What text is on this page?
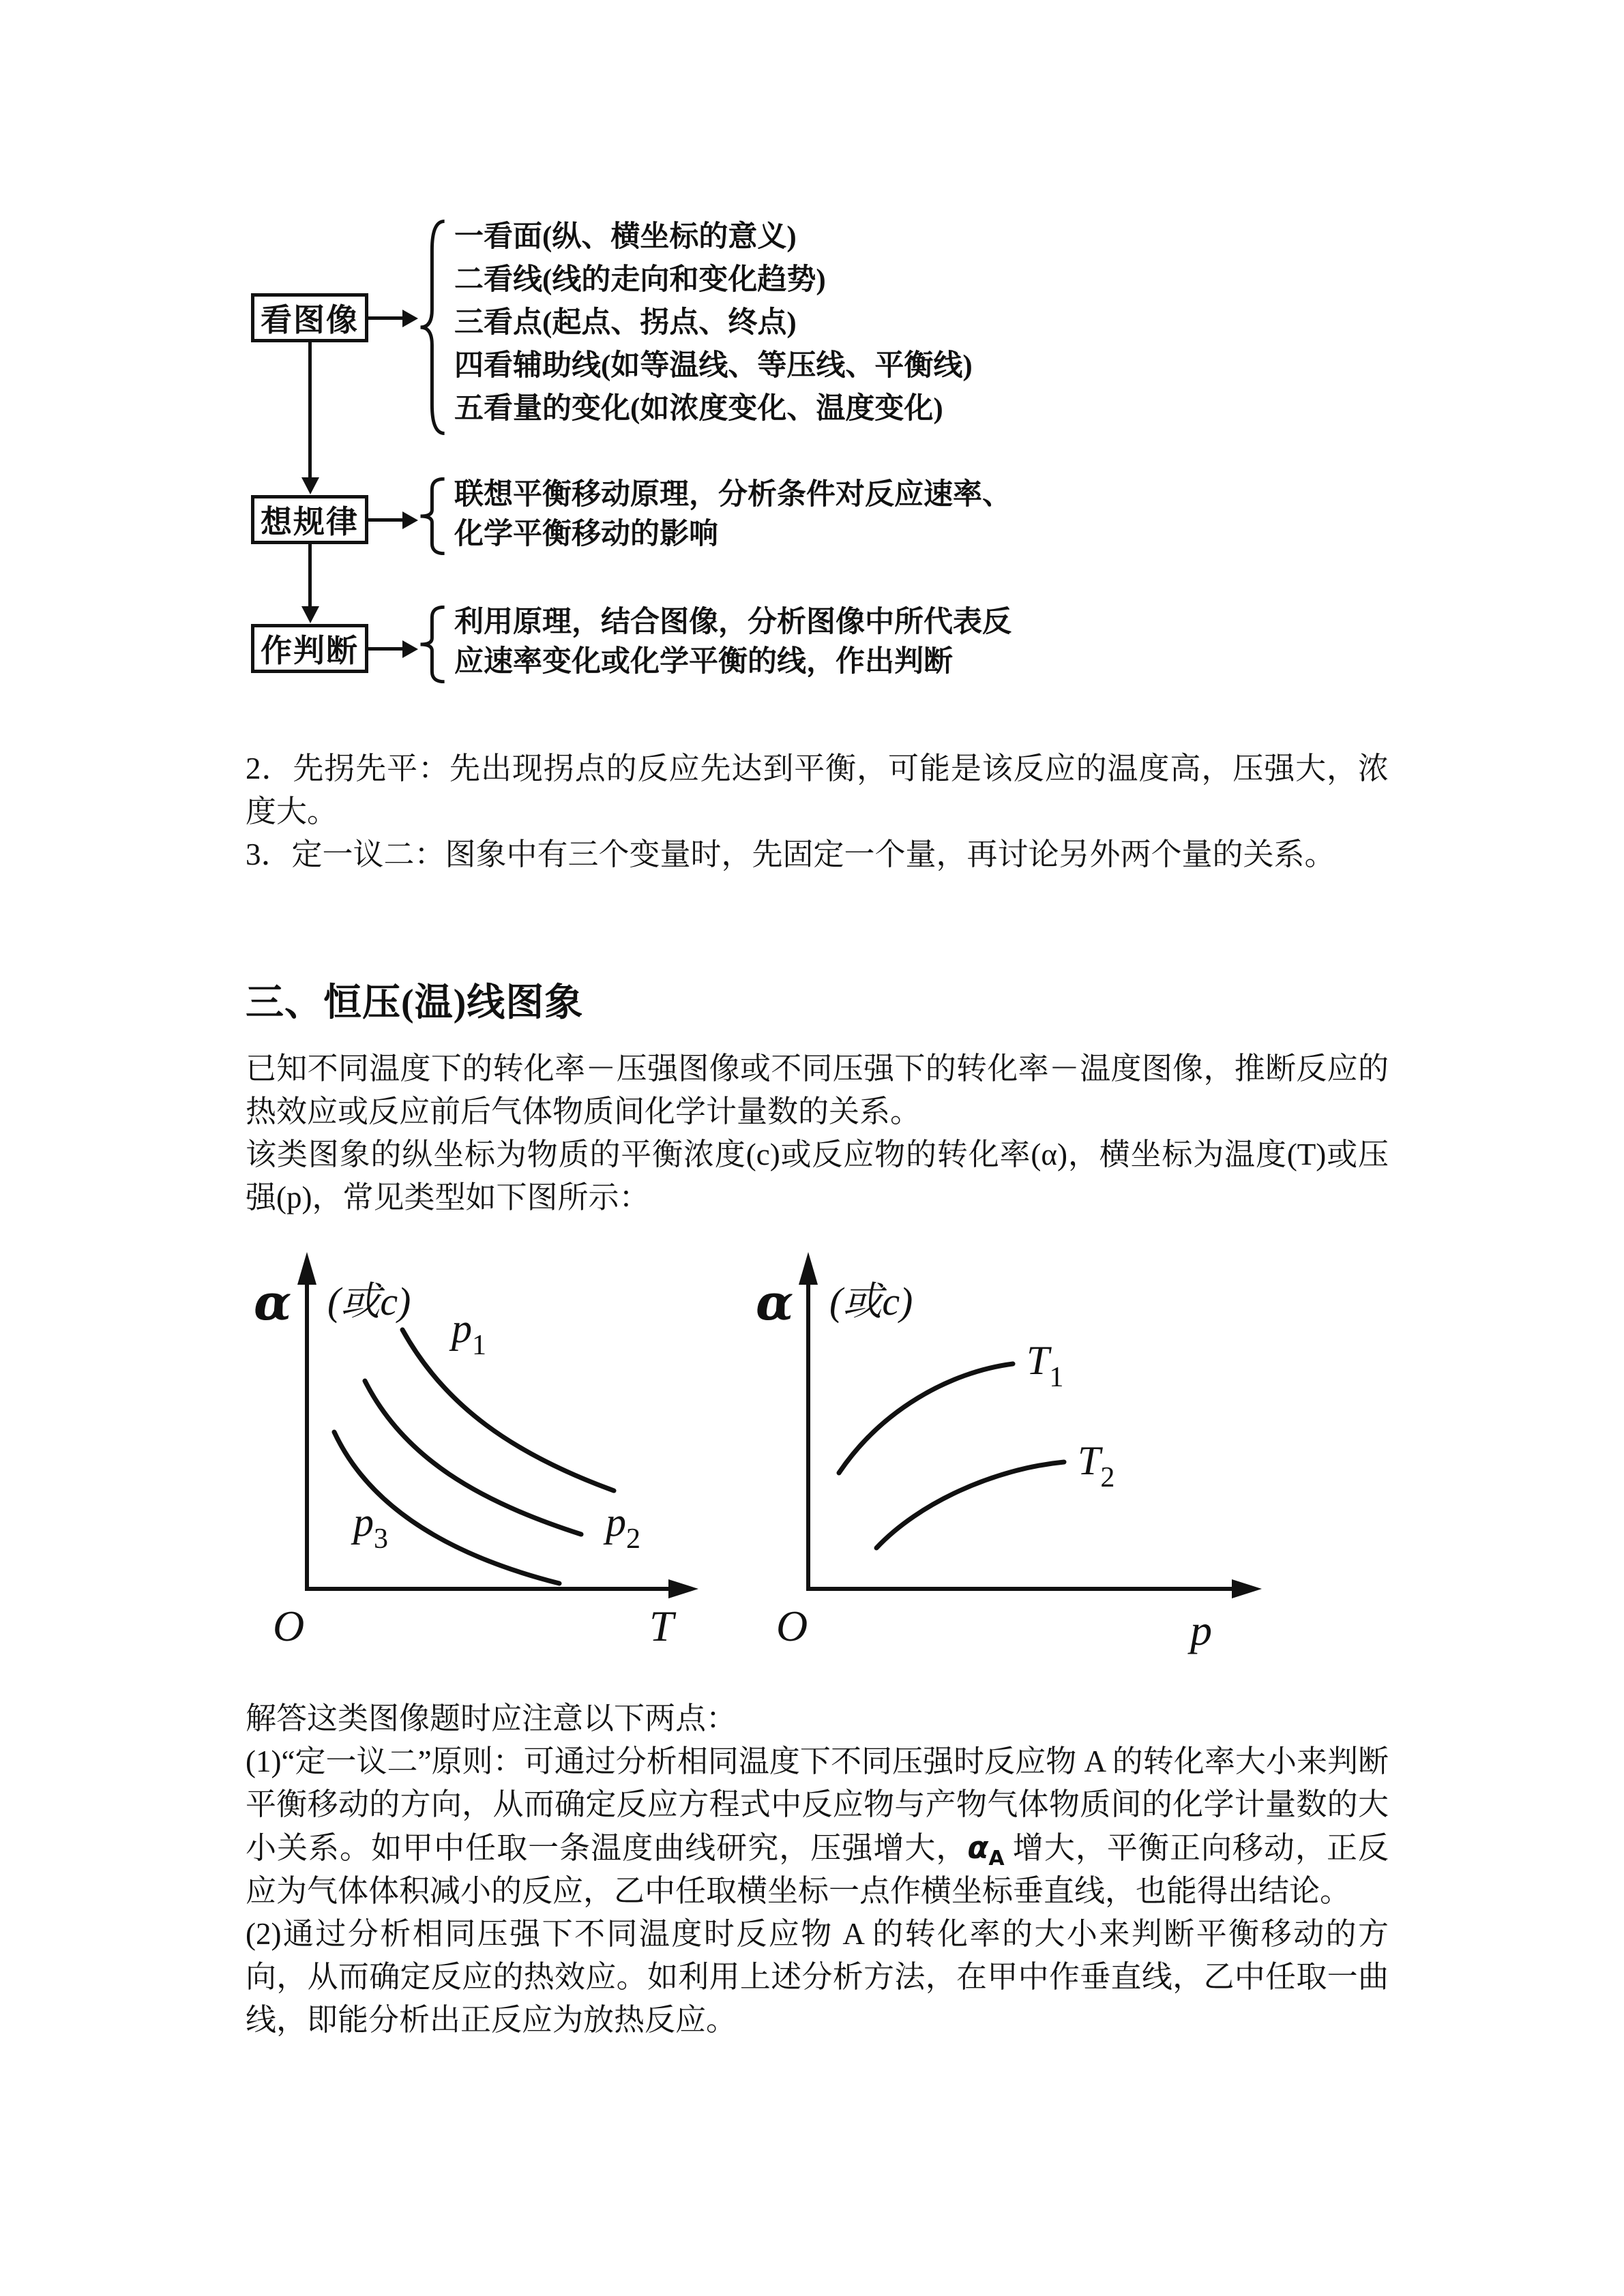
看图像
想规律
作判断
一看面(纵、横坐标的意义)
二看线(线的走向和变化趋势)
三看点(起点、拐点、终点)
四看辅助线(如等温线、等压线、平衡线)
五看量的变化(如浓度变化、温度变化)
联想平衡移动原理，分析条件对反应速率、
化学平衡移动的影响
利用原理，结合图像，分析图像中所代表反
应速率变化或化学平衡的线，作出判断

2．先拐先平：先出现拐点的反应先达到平衡，可能是该反应的温度高，压强大，浓度大。

3．定一议二：图象中有三个变量时，先固定一个量，再讨论另外两个量的关系。

三、恒压(温)线图象

已知不同温度下的转化率－压强图像或不同压强下的转化率－温度图像，推断反应的热效应或反应前后气体物质间化学计量数的关系。

该类图象的纵坐标为物质的平衡浓度(c)或反应物的转化率(α)，横坐标为温度(T)或压强(p)，常见类型如下图所示：

α (或c)
O	T
$p_1$
$p_2$
$p_3$
α (或c)
O	p
$T_1$
$T_2$

解答这类图像题时应注意以下两点：

(1)“定一议二”原则：可通过分析相同温度下不同压强时反应物 A 的转化率大小来判断平衡移动的方向，从而确定反应方程式中反应物与产物气体物质间的化学计量数的大小关系。如甲中任取一条温度曲线研究，压强增大，$\alpha_A$ 增大，平衡正向移动，正反应为气体体积减小的反应，乙中任取横坐标一点作横坐标垂直线，也能得出结论。

(2)通过分析相同压强下不同温度时反应物 A 的转化率的大小来判断平衡移动的方向，从而确定反应的热效应。如利用上述分析方法，在甲中作垂直线，乙中任取一曲线，即能分析出正反应为放热反应。
